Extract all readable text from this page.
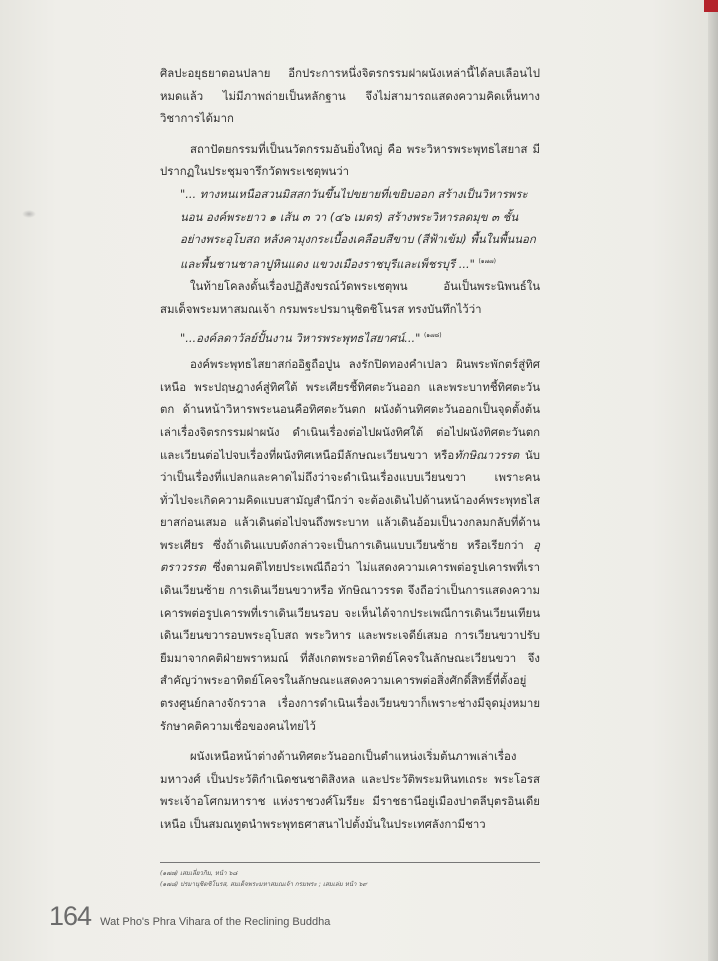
ศิลปะอยุธยาตอนปลาย อีกประการหนึ่งจิตรกรรมฝาผนังเหล่านี้ได้ลบเลือนไปหมดแล้ว ไม่มีภาพถ่ายเป็นหลักฐาน จึงไม่สามารถแสดงความคิดเห็นทางวิชาการได้มาก

สถาปัตยกรรมที่เป็นนวัตกรรมอันยิ่งใหญ่ คือ พระวิหารพระพุทธไสยาส มีปรากฏในประชุมจารึกวัดพระเชตุพนว่า

"... ทางหนเหนือสวนมิสสกวันขึ้นไปขยายที่เขยิบออก สร้างเป็นวิหารพระนอน องค์พระยาว ๑ เส้น ๓ วา (๔๖ เมตร) สร้างพระวิหารลดมุข ๓ ชั้น อย่างพระอุโบสถ หลังคามุงกระเบื้องเคลือบสีขาบ (สีฟ้าเข้ม) พื้นในพื้นนอกและพื้นชานชาลาปูหินแดง แขวงเมืองราชบุรีและเพ็ชรบุรี ..." $^{(๑๗๗)}$

ในท้ายโคลงดั้นเรื่องปฏิสังขรณ์วัดพระเชตุพน อันเป็นพระนิพนธ์ในสมเด็จพระมหาสมณเจ้า กรมพระปรมานุชิตชิโนรส ทรงบันทึกไว้ว่า

"...องค์ลดาวัลย์ปั้นงาน วิหารพระพุทธไสยาศน์..." $^{(๑๗๘)}$

องค์พระพุทธไสยาสก่ออิฐถือปูน ลงรักปิดทองคำเปลว ผินพระพักตร์สู่ทิศเหนือ พระปฤษฎางค์สู่ทิศใต้ พระเศียรชี้ทิศตะวันออก และพระบาทชี้ทิศตะวันตก ด้านหน้าวิหารพระนอนคือทิศตะวันตก ผนังด้านทิศตะวันออกเป็นจุดตั้งต้นเล่าเรื่องจิตรกรรมฝาผนัง ดำเนินเรื่องต่อไปผนังทิศใต้ ต่อไปผนังทิศตะวันตกและเวียนต่อไปจบเรื่องที่ผนังทิศเหนือมีลักษณะเวียนขวา หรือทักษิณาวรรต นับว่าเป็นเรื่องที่แปลกและคาดไม่ถึงว่าจะดำเนินเรื่องแบบเวียนขวา เพราะคนทั่วไปจะเกิดความคิดแบบสามัญสำนึกว่า จะต้องเดินไปด้านหน้าองค์พระพุทธไสยาสก่อนเสมอ แล้วเดินต่อไปจนถึงพระบาท แล้วเดินอ้อมเป็นวงกลมกลับที่ด้านพระเศียร ซึ่งถ้าเดินแบบดังกล่าวจะเป็นการเดินแบบเวียนซ้าย หรือเรียกว่า อุตราวรรต ซึ่งตามคติไทยประเพณีถือว่า ไม่แสดงความเคารพต่อรูปเคารพที่เราเดินเวียนซ้าย การเดินเวียนขวาหรือ ทักษิณาวรรต จึงถือว่าเป็นการแสดงความเคารพต่อรูปเคารพที่เราเดินเวียนรอบ จะเห็นได้จากประเพณีการเดินเวียนเทียน เดินเวียนขวารอบพระอุโบสถ พระวิหาร และพระเจดีย์เสมอ การเวียนขวาปรับยืมมาจากคติฝ่ายพราหมณ์ ที่สังเกตพระอาทิตย์โคจรในลักษณะเวียนขวา จึงสำคัญว่าพระอาทิตย์โคจรในลักษณะแสดงความเคารพต่อสิ่งศักดิ์สิทธิ์ที่ตั้งอยู่ตรงศูนย์กลางจักรวาล เรื่องการดำเนินเรื่องเวียนขวาก็เพราะช่างมีจุดมุ่งหมายรักษาคติความเชื่อของคนไทยไว้

ผนังเหนือหน้าต่างด้านทิศตะวันออกเป็นตำแหน่งเริ่มต้นภาพเล่าเรื่องมหาวงศ์ เป็นประวัติกำเนิดชนชาติสิงหล และประวัติพระมหินทเถระ พระโอรสพระเจ้าอโศกมหาราช แห่งราชวงศ์โมรียะ มีราชธานีอยู่เมืองปาตลีบุตรอินเดียเหนือ เป็นสมณทูตนำพระพุทธศาสนาไปตั้งมั่นในประเทศลังกามีชาว

(๑๗๗) เสมเลี่ยวกิม, หน้า ๖๘
(๑๗๘) ปรมานุชิตชิโนรส, สมเด็จพระมหาสมณเจ้า กรมพระ ; เสมเล่ม หน้า ๖๙
164 Wat Pho's Phra Vihara of the Reclining Buddha
